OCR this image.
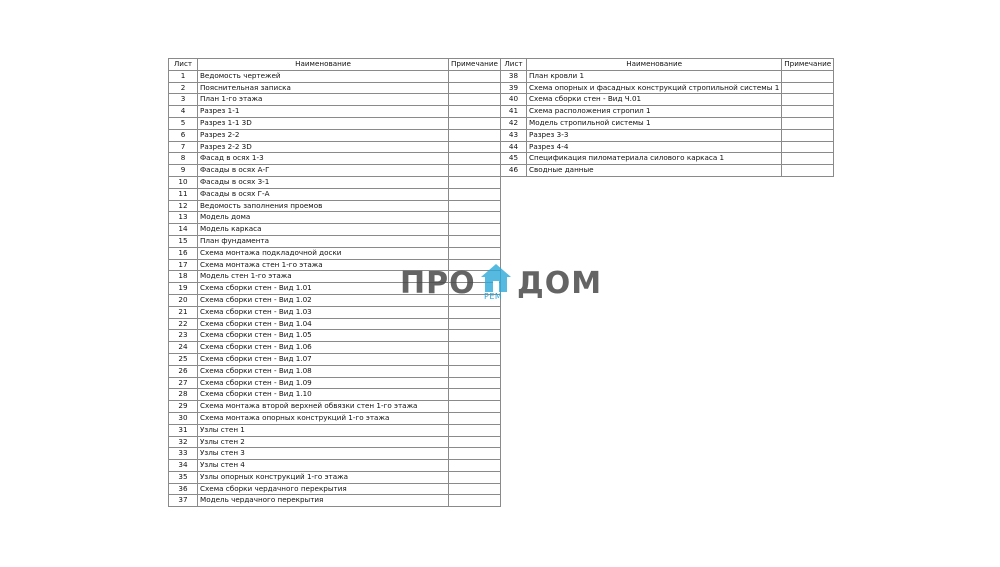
Лист	Наименование	Примечание
1	Ведомость чертежей	
2	Пояснительная записка	
3	План 1-го этажа	
4	Разрез 1-1	
5	Разрез 1-1 3D	
6	Разрез 2-2	
7	Разрез 2-2 3D	
8	Фасад в осях 1-3	
9	Фасады в осях А-Г	
10	Фасады в осях 3-1	
11	Фасады в осях Г-А	
12	Ведомость заполнения проемов	
13	Модель дома	
14	Модель каркаса	
15	План фундамента	
16	Схема монтажа подкладочной доски	
17	Схема монтажа стен 1-го этажа	
18	Модель стен 1-го этажа	
19	Схема сборки стен - Вид 1.01	
20	Схема сборки стен - Вид 1.02	
21	Схема сборки стен - Вид 1.03	
22	Схема сборки стен - Вид 1.04	
23	Схема сборки стен - Вид 1.05	
24	Схема сборки стен - Вид 1.06	
25	Схема сборки стен - Вид 1.07	
26	Схема сборки стен - Вид 1.08	
27	Схема сборки стен - Вид 1.09	
28	Схема сборки стен - Вид 1.10	
29	Схема монтажа второй верхней обвязки стен 1-го этажа	
30	Схема монтажа опорных конструкций 1-го этажа	
31	Узлы стен 1	
32	Узлы стен 2	
33	Узлы стен 3	
34	Узлы стен 4	
35	Узлы опорных конструкций 1-го этажа	
36	Схема сборки чердачного перекрытия	
37	Модель чердачного перекрытия	
Лист	Наименование	Примечание
38	План кровли 1	
39	Схема опорных и фасадных конструкций стропильной системы 1	
40	Схема сборки стен - Вид Ч.01	
41	Схема расположения стропил 1	
42	Модель стропильной системы 1	
43	Разрез 3-3	
44	Разрез 4-4	
45	Спецификация пиломатериала силового каркаса 1	
46	Сводные данные	
ПРО РЕМ ДОМ
